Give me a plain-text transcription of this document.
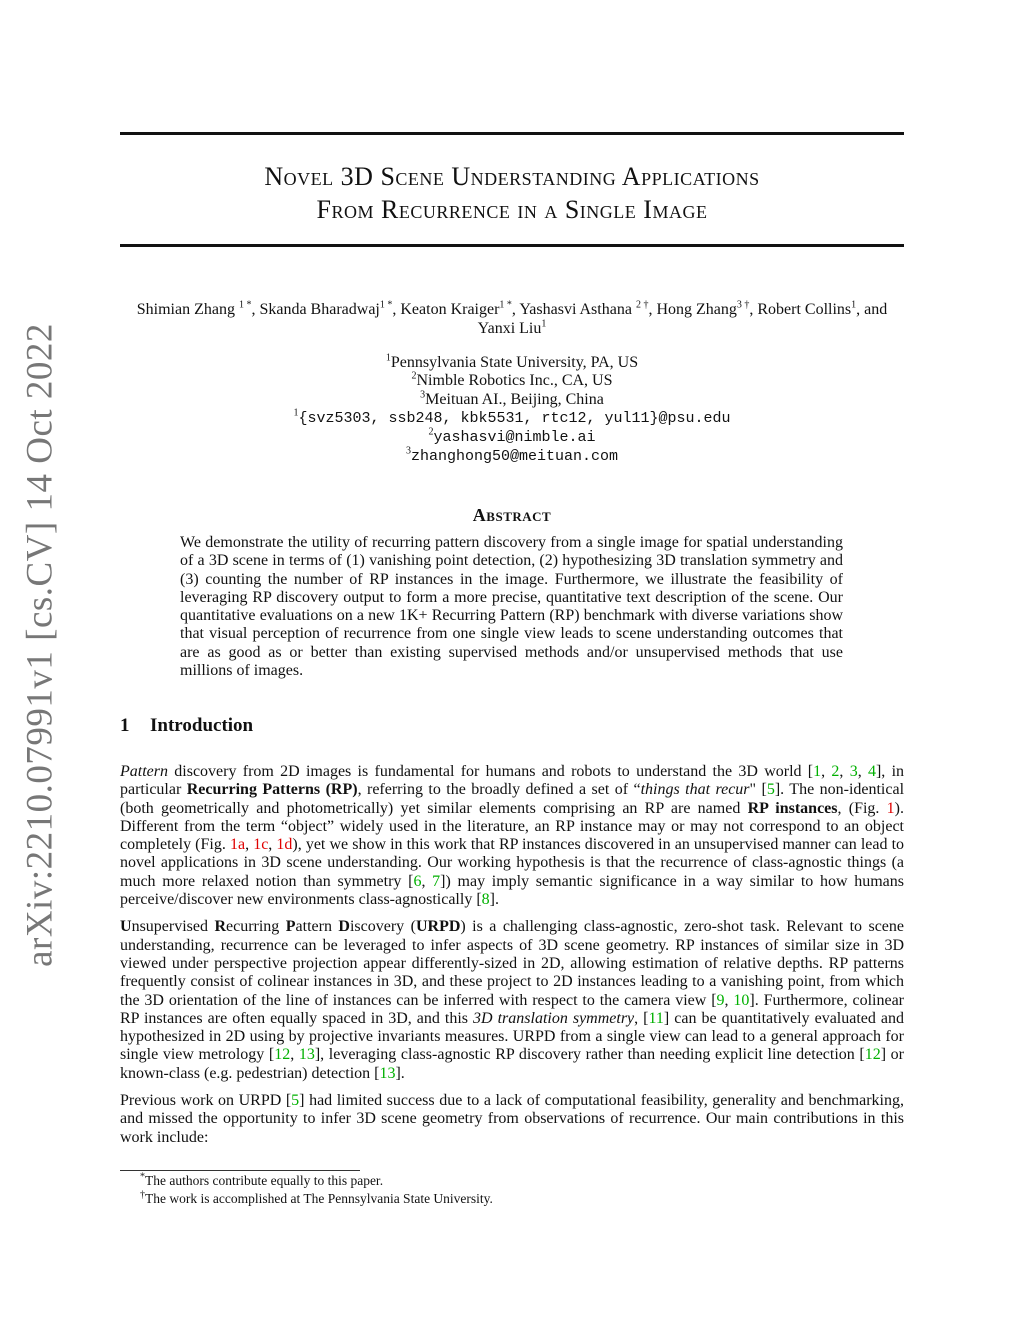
arXiv:2210.07991v1 [cs.CV] 14 Oct 2022
Novel 3D Scene Understanding Applications
From Recurrence in a Single Image
Shimian Zhang $^{1 *}$, Skanda Bharadwaj$^{1 *}$, Keaton Kraiger$^{1 *}$, Yashasvi Asthana $^{2 \dagger}$, Hong Zhang$^{3 \dagger}$, Robert Collins$^1$, and
Yanxi Liu$^1$
$^1$Pennsylvania State University, PA, US
$^2$Nimble Robotics Inc., CA, US
$^3$Meituan AI., Beijing, China
$^1${svz5303, ssb248, kbk5531, rtc12, yul11}@psu.edu
$^2$yashasvi@nimble.ai
$^3$zhanghong50@meituan.com
Abstract

We demonstrate the utility of recurring pattern discovery from a single image for spatial understanding of a 3D scene in terms of (1) vanishing point detection, (2) hypothesizing 3D translation symmetry and (3) counting the number of RP instances in the image. Furthermore, we illustrate the feasibility of leveraging RP discovery output to form a more precise, quantitative text description of the scene. Our quantitative evaluations on a new 1K+ Recurring Pattern (RP) benchmark with diverse variations show that visual perception of recurrence from one single view leads to scene understanding outcomes that are as good as or better than existing supervised methods and/or unsupervised methods that use millions of images.

1 Introduction

Pattern discovery from 2D images is fundamental for humans and robots to understand the 3D world [1, 2, 3, 4], in particular Recurring Patterns (RP), referring to the broadly defined a set of “things that recur" [5]. The non-identical (both geometrically and photometrically) yet similar elements comprising an RP are named RP instances, (Fig. 1). Different from the term “object” widely used in the literature, an RP instance may or may not correspond to an object completely (Fig. 1a, 1c, 1d), yet we show in this work that RP instances discovered in an unsupervised manner can lead to novel applications in 3D scene understanding. Our working hypothesis is that the recurrence of class-agnostic things (a much more relaxed notion than symmetry [6, 7]) may imply semantic significance in a way similar to how humans perceive/discover new environments class-agnostically [8].

Unsupervised Recurring Pattern Discovery (URPD) is a challenging class-agnostic, zero-shot task. Relevant to scene understanding, recurrence can be leveraged to infer aspects of 3D scene geometry. RP instances of similar size in 3D viewed under perspective projection appear differently-sized in 2D, allowing estimation of relative depths. RP patterns frequently consist of colinear instances in 3D, and these project to 2D instances leading to a vanishing point, from which the 3D orientation of the line of instances can be inferred with respect to the camera view [9, 10]. Furthermore, colinear RP instances are often equally spaced in 3D, and this 3D translation symmetry, [11] can be quantitatively evaluated and hypothesized in 2D using by projective invariants measures. URPD from a single view can lead to a general approach for single view metrology [12, 13], leveraging class-agnostic RP discovery rather than needing explicit line detection [12] or known-class (e.g. pedestrian) detection [13].

Previous work on URPD [5] had limited success due to a lack of computational feasibility, generality and benchmarking, and missed the opportunity to infer 3D scene geometry from observations of recurrence. Our main contributions in this work include:

*The authors contribute equally to this paper.
†The work is accomplished at The Pennsylvania State University.
